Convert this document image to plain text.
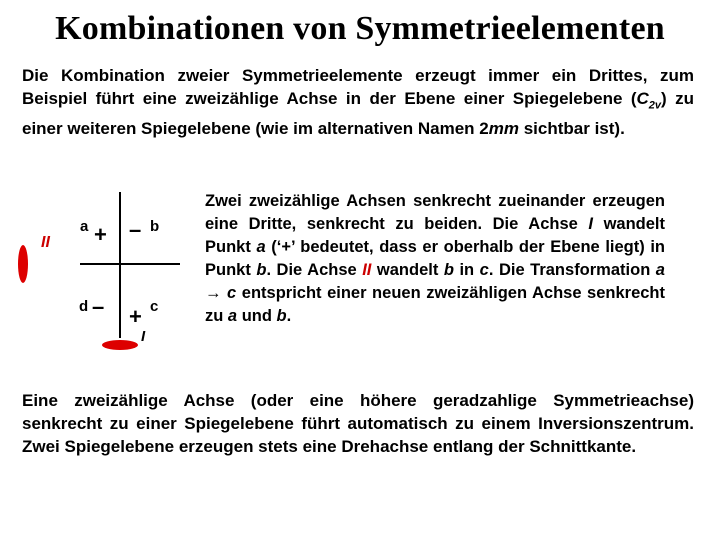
Kombinationen von Symmetrieelementen
Die Kombination zweier Symmetrieelemente erzeugt immer ein Drittes, zum Beispiel führt eine zweizählige Achse in der Ebene einer Spiegelebene $(C_{2v})$ zu einer weiteren Spiegelebene (wie im alternativen Namen 2mm sichtbar ist).
II
I
a + – b
d – + c
Zwei zweizählige Achsen senkrecht zueinander erzeugen eine Dritte, senkrecht zu beiden. Die Achse I wandelt Punkt a (‘+’ bedeutet, dass er oberhalb der Ebene liegt) in Punkt b. Die Achse II wandelt b in c. Die Transformation a → c entspricht einer neuen zweizähligen Achse senkrecht zu a und b.
Eine zweizählige Achse (oder eine höhere geradzahlige Symmetrieachse) senkrecht zu einer Spiegelebene führt automatisch zu einem Inversionszentrum. Zwei Spiegelebene erzeugen stets eine Drehachse entlang der Schnittkante.
